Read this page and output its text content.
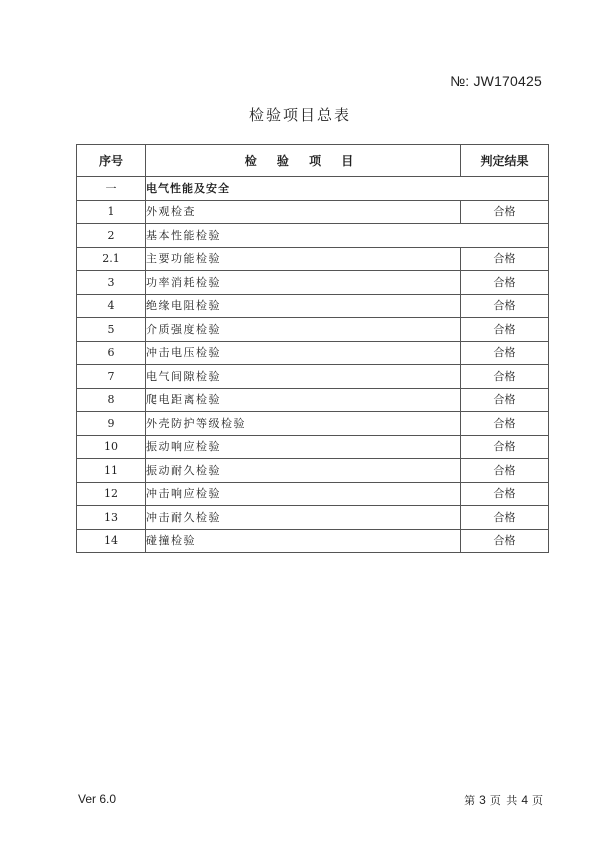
№: JW170425
检验项目总表
序号	检 验 项 目	判定结果
一	电气性能及安全	
1	外观检查	合格
2	基本性能检验	
2.1	主要功能检验	合格
3	功率消耗检验	合格
4	绝缘电阻检验	合格
5	介质强度检验	合格
6	冲击电压检验	合格
7	电气间隙检验	合格
8	爬电距离检验	合格
9	外壳防护等级检验	合格
10	振动响应检验	合格
11	振动耐久检验	合格
12	冲击响应检验	合格
13	冲击耐久检验	合格
14	碰撞检验	合格
Ver 6.0	第 3 页 共 4 页
